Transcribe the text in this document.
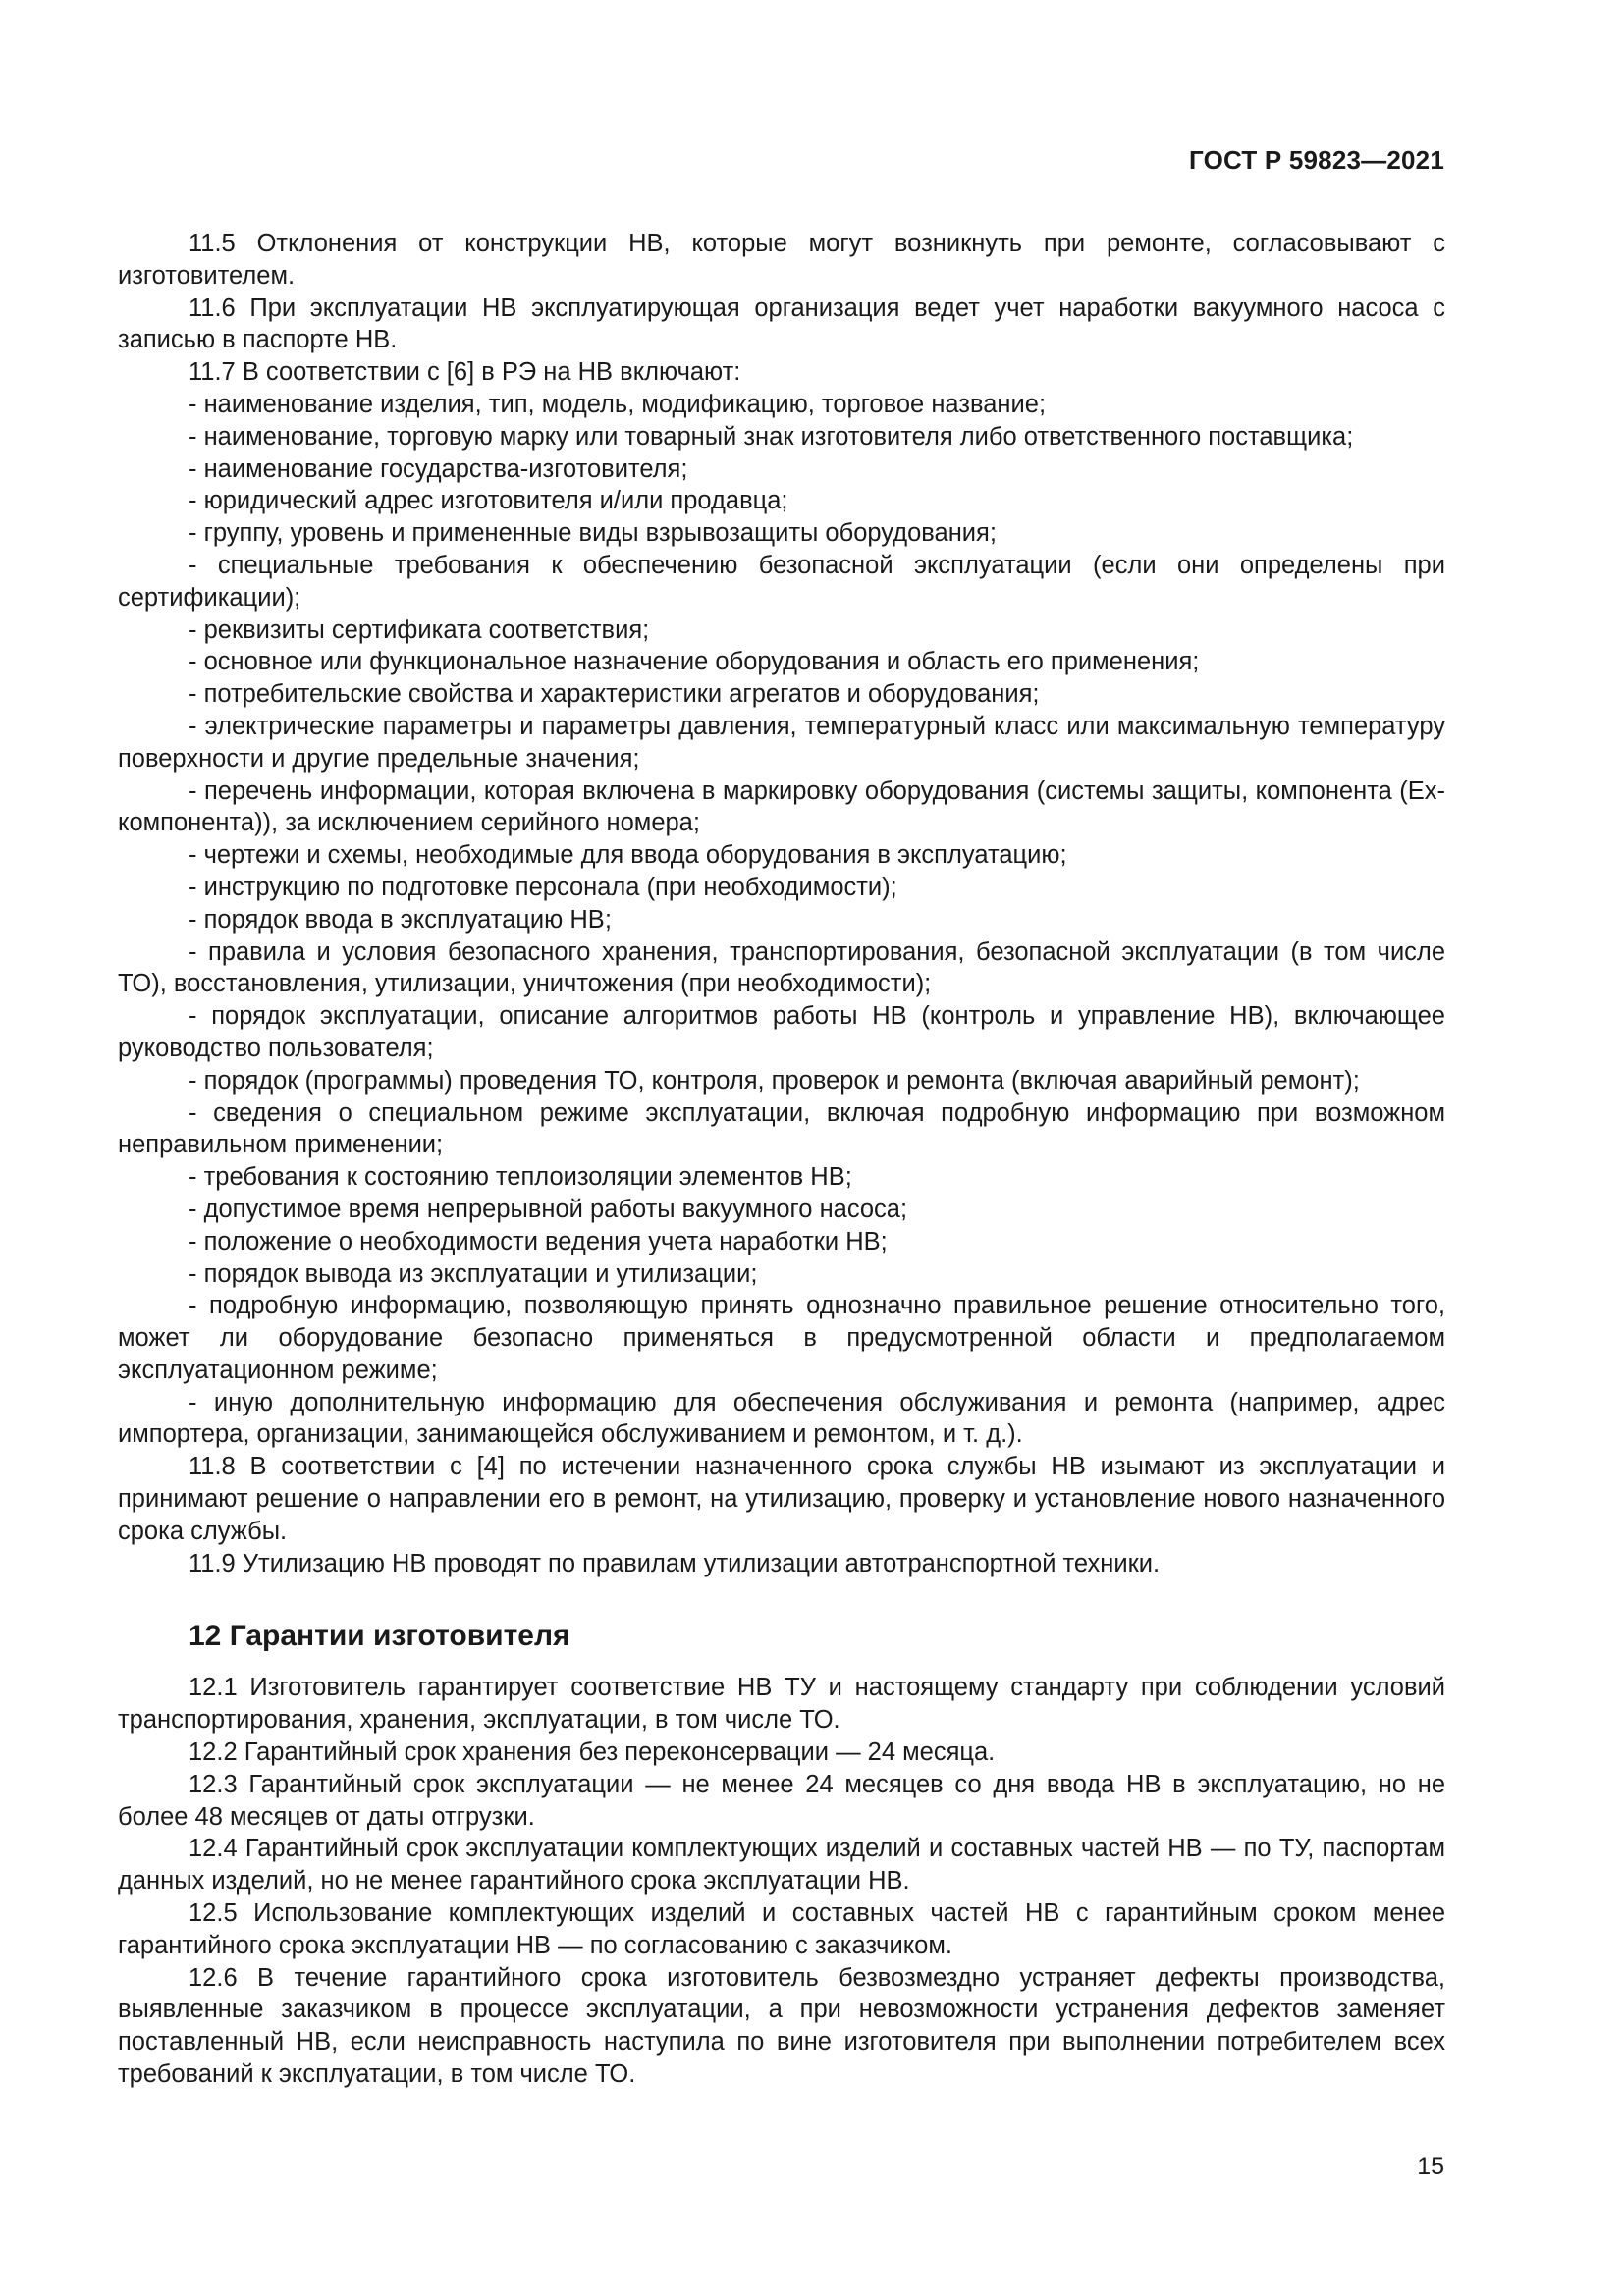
ГОСТ Р 59823—2021

11.5 Отклонения от конструкции НВ, которые могут возникнуть при ремонте, согласовывают с изготовителем.

11.6 При эксплуатации НВ эксплуатирующая организация ведет учет наработки вакуумного насоса с записью в паспорте НВ.

11.7 В соответствии с [6] в РЭ на НВ включают:

- наименование изделия, тип, модель, модификацию, торговое название;

- наименование, торговую марку или товарный знак изготовителя либо ответственного поставщика;

- наименование государства-изготовителя;

- юридический адрес изготовителя и/или продавца;

- группу, уровень и примененные виды взрывозащиты оборудования;

- специальные требования к обеспечению безопасной эксплуатации (если они определены при сертификации);

- реквизиты сертификата соответствия;

- основное или функциональное назначение оборудования и область его применения;

- потребительские свойства и характеристики агрегатов и оборудования;

- электрические параметры и параметры давления, температурный класс или максимальную температуру поверхности и другие предельные значения;

- перечень информации, которая включена в маркировку оборудования (системы защиты, компонента (Ех-компонента)), за исключением серийного номера;

- чертежи и схемы, необходимые для ввода оборудования в эксплуатацию;

- инструкцию по подготовке персонала (при необходимости);

- порядок ввода в эксплуатацию НВ;

- правила и условия безопасного хранения, транспортирования, безопасной эксплуатации (в том числе ТО), восстановления, утилизации, уничтожения (при необходимости);

- порядок эксплуатации, описание алгоритмов работы НВ (контроль и управление НВ), включающее руководство пользователя;

- порядок (программы) проведения ТО, контроля, проверок и ремонта (включая аварийный ремонт);

- сведения о специальном режиме эксплуатации, включая подробную информацию при возможном неправильном применении;

- требования к состоянию теплоизоляции элементов НВ;

- допустимое время непрерывной работы вакуумного насоса;

- положение о необходимости ведения учета наработки НВ;

- порядок вывода из эксплуатации и утилизации;

- подробную информацию, позволяющую принять однозначно правильное решение относительно того, может ли оборудование безопасно применяться в предусмотренной области и предполагаемом эксплуатационном режиме;

- иную дополнительную информацию для обеспечения обслуживания и ремонта (например, адрес импортера, организации, занимающейся обслуживанием и ремонтом, и т. д.).

11.8 В соответствии с [4] по истечении назначенного срока службы НВ изымают из эксплуатации и принимают решение о направлении его в ремонт, на утилизацию, проверку и установление нового назначенного срока службы.

11.9 Утилизацию НВ проводят по правилам утилизации автотранспортной техники.

12 Гарантии изготовителя

12.1 Изготовитель гарантирует соответствие НВ ТУ и настоящему стандарту при соблюдении условий транспортирования, хранения, эксплуатации, в том числе ТО.

12.2 Гарантийный срок хранения без переконсервации — 24 месяца.

12.3 Гарантийный срок эксплуатации — не менее 24 месяцев со дня ввода НВ в эксплуатацию, но не более 48 месяцев от даты отгрузки.

12.4 Гарантийный срок эксплуатации комплектующих изделий и составных частей НВ — по ТУ, паспортам данных изделий, но не менее гарантийного срока эксплуатации НВ.

12.5 Использование комплектующих изделий и составных частей НВ с гарантийным сроком менее гарантийного срока эксплуатации НВ — по согласованию с заказчиком.

12.6 В течение гарантийного срока изготовитель безвозмездно устраняет дефекты производства, выявленные заказчиком в процессе эксплуатации, а при невозможности устранения дефектов заменяет поставленный НВ, если неисправность наступила по вине изготовителя при выполнении потребителем всех требований к эксплуатации, в том числе ТО.

15
